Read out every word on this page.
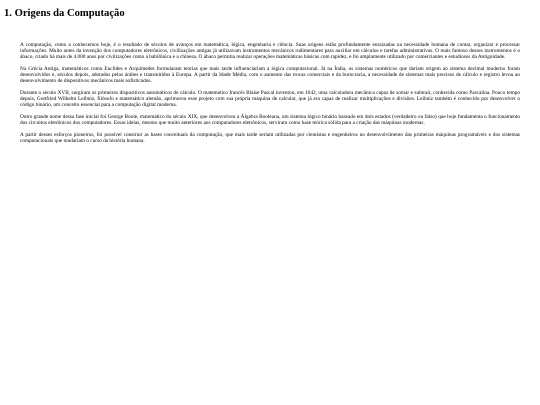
1. Origens da Computação

A computação, como a conhecemos hoje, é o resultado de séculos de avanços em matemática, lógica, engenharia e ciência. Suas origens estão profundamente enraizadas na necessidade humana de contar, organizar e processar informações. Muito antes da invenção dos computadores eletrônicos, civilizações antigas já utilizavam instrumentos mecânicos rudimentares para auxiliar em cálculos e tarefas administrativas. O mais famoso desses instrumentos é o ábaco, criado há mais de 4.000 anos por civilizações como a babilônica e a chinesa. O ábaco permitia realizar operações matemáticas básicas com rapidez, e foi amplamente utilizado por comerciantes e estudiosos da Antiguidade.

Na Grécia Antiga, matemáticos como Euclides e Arquimedes formularam teorias que mais tarde influenciariam a lógica computacional. Já na Índia, os sistemas numéricos que dariam origem ao sistema decimal moderno foram desenvolvidos e, séculos depois, adotados pelos árabes e transmitidos à Europa. A partir da Idade Média, com o aumento das trocas comerciais e da burocracia, a necessidade de sistemas mais precisos de cálculo e registro levou ao desenvolvimento de dispositivos mecânicos mais sofisticados.

Durante o século XVII, surgiram os primeiros dispositivos automáticos de cálculo. O matemático francês Blaise Pascal inventou, em 1642, uma calculadora mecânica capaz de somar e subtrair, conhecida como Pascalina. Pouco tempo depois, Gottfried Wilhelm Leibniz, filósofo e matemático alemão, aprimorou esse projeto com sua própria máquina de calcular, que já era capaz de realizar multiplicações e divisões. Leibniz também é conhecido por desenvolver o código binário, um conceito essencial para a computação digital moderna.

Outro grande nome dessa fase inicial foi George Boole, matemático do século XIX, que desenvolveu a Álgebra Booleana, um sistema lógico binário baseado em dois estados (verdadeiro ou falso) que hoje fundamenta o funcionamento dos circuitos eletrônicos dos computadores. Essas ideias, mesmo que muito anteriores aos computadores eletrônicos, serviram como base teórica sólida para a criação das máquinas modernas.

A partir desses esforços pioneiros, foi possível construir as bases conceituais da computação, que mais tarde seriam utilizadas por cientistas e engenheiros no desenvolvimento das primeiras máquinas programáveis e dos sistemas computacionais que mudariam o curso da história humana.
